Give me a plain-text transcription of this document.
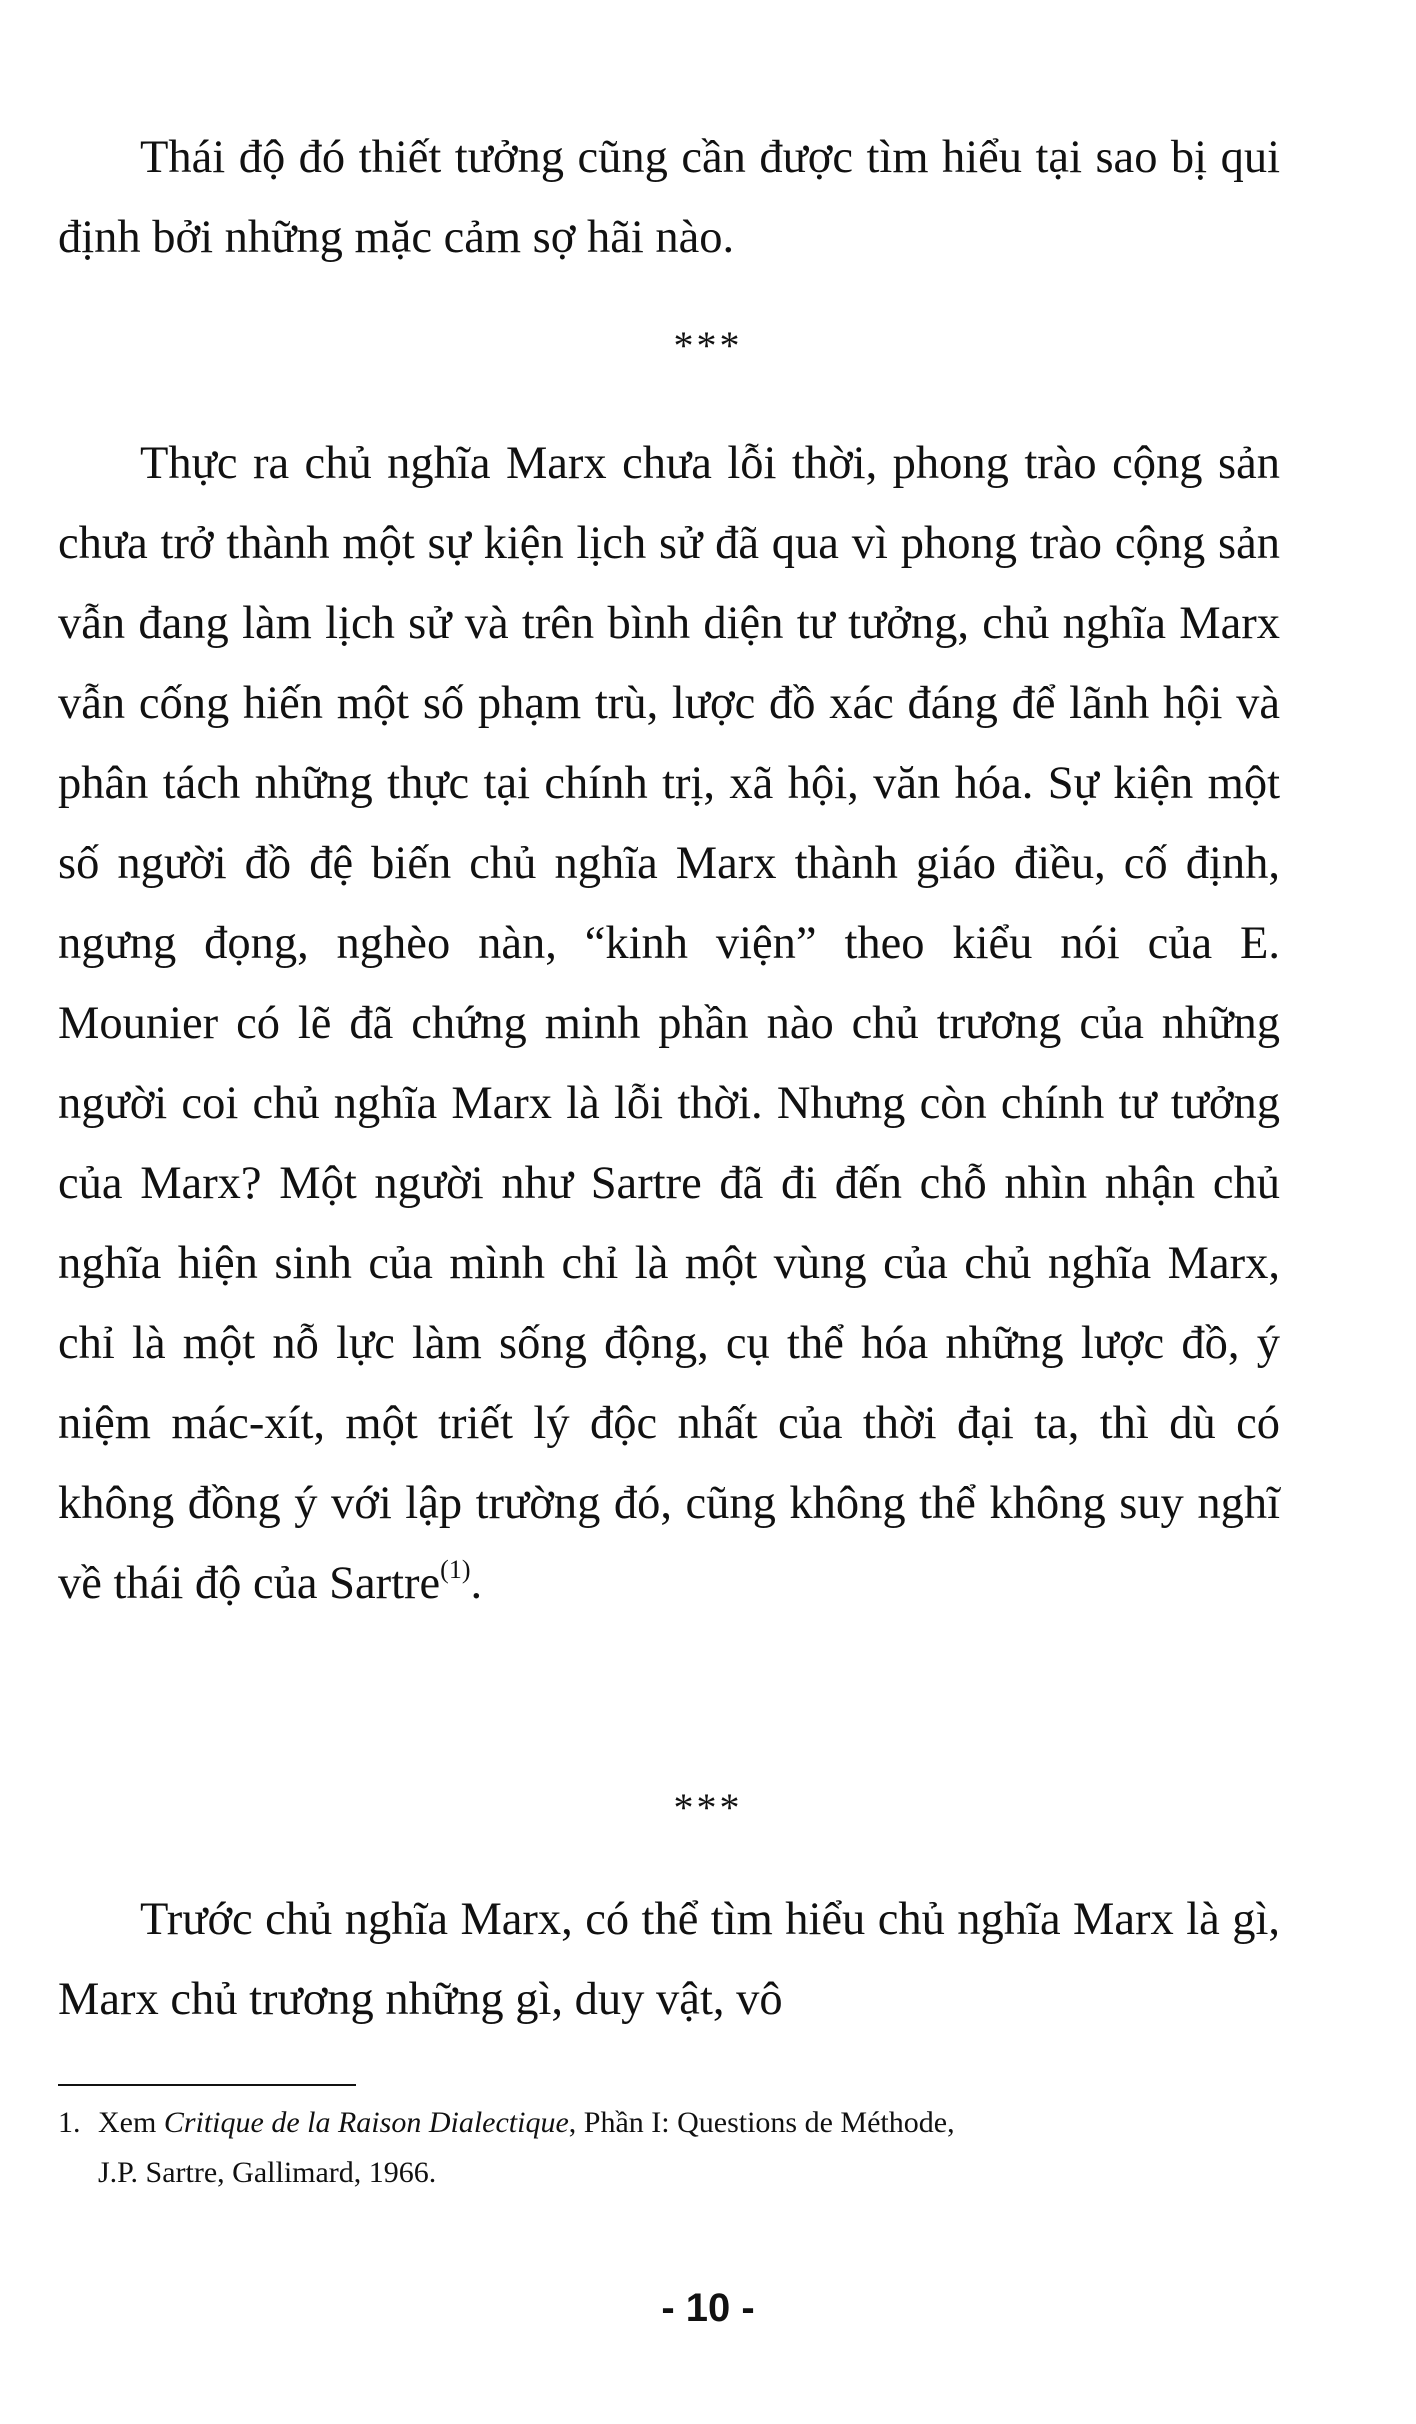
Thái độ đó thiết tưởng cũng cần được tìm hiểu tại sao bị qui định bởi những mặc cảm sợ hãi nào.

***

Thực ra chủ nghĩa Marx chưa lỗi thời, phong trào cộng sản chưa trở thành một sự kiện lịch sử đã qua vì phong trào cộng sản vẫn đang làm lịch sử và trên bình diện tư tưởng, chủ nghĩa Marx vẫn cống hiến một số phạm trù, lược đồ xác đáng để lãnh hội và phân tách những thực tại chính trị, xã hội, văn hóa. Sự kiện một số người đồ đệ biến chủ nghĩa Marx thành giáo điều, cố định, ngưng đọng, nghèo nàn, “kinh viện” theo kiểu nói của E. Mounier có lẽ đã chứng minh phần nào chủ trương của những người coi chủ nghĩa Marx là lỗi thời. Nhưng còn chính tư tưởng của Marx? Một người như Sartre đã đi đến chỗ nhìn nhận chủ nghĩa hiện sinh của mình chỉ là một vùng của chủ nghĩa Marx, chỉ là một nỗ lực làm sống động, cụ thể hóa những lược đồ, ý niệm mác-xít, một triết lý độc nhất của thời đại ta, thì dù có không đồng ý với lập trường đó, cũng không thể không suy nghĩ về thái độ của Sartre$^{(1)}$.

***

Trước chủ nghĩa Marx, có thể tìm hiểu chủ nghĩa Marx là gì, Marx chủ trương những gì, duy vật, vô

1. Xem Critique de la Raison Dialectique, Phần I: Questions de Méthode,
J.P. Sartre, Gallimard, 1966.

- 10 -
